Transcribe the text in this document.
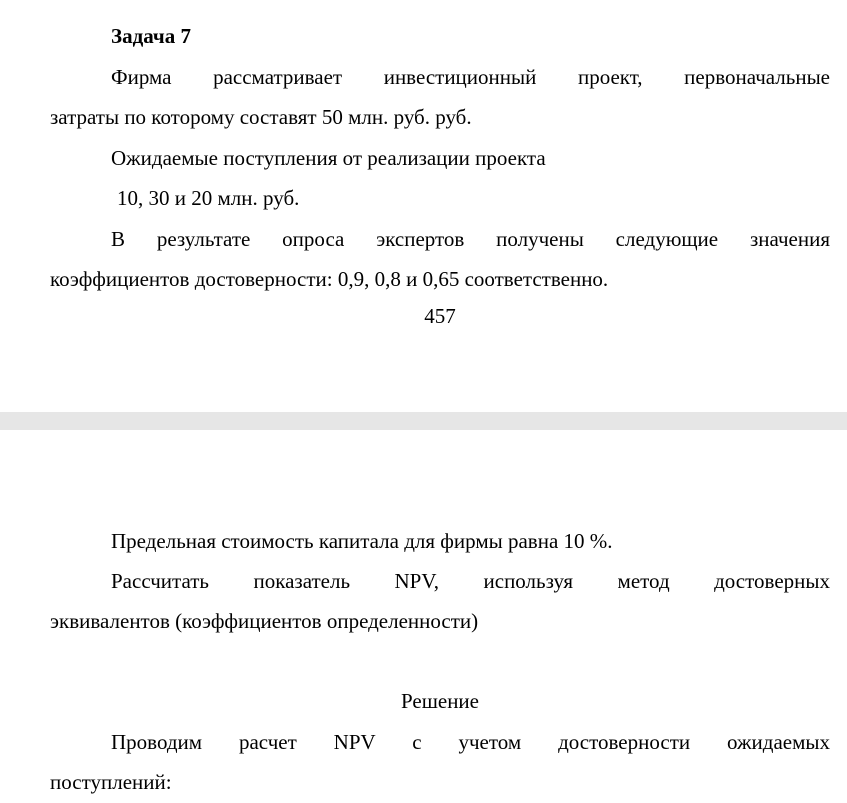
Задача 7
Фирма рассматривает инвестиционный проект, первоначальные
затраты по которому составят 50 млн. руб. руб.
Ожидаемые поступления от реализации проекта
10, 30 и 20 млн. руб.
В результате опроса экспертов получены следующие значения
коэффициентов достоверности: 0,9, 0,8 и 0,65 соответственно.
457
Предельная стоимость капитала для фирмы равна 10 %.
Рассчитать показатель NPV, используя метод достоверных
эквивалентов (коэффициентов определенности)
Решение
Проводим расчет NPV с учетом достоверности ожидаемых
поступлений:
